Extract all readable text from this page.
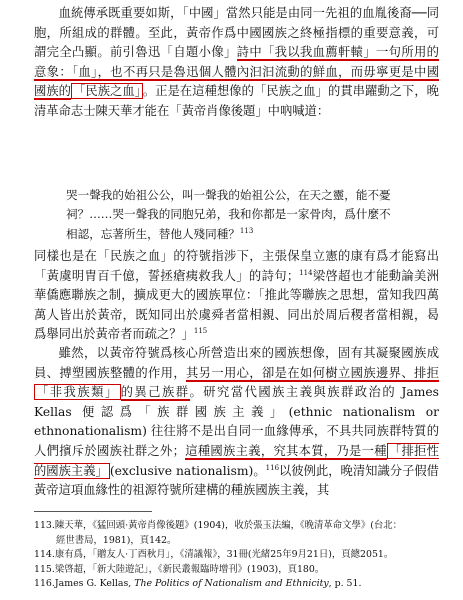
血統傳承既重要如斯，「中國」當然只能是由同一先祖的血胤後裔──同胞，所組成的群體。至此，黃帝作爲中國國族之終極指標的重要意義，可謂完全凸顯。前引魯迅「自題小像」詩中「我以我血薦軒轅」一句所用的意象：「血」，也不再只是魯迅個人體內汩汩流動的鮮血，而毋寧更是中國國族的 「民族之血」 。正是在這種想像的「民族之血」的貫串躍動之下，晚清革命志士陳天華才能在「黃帝肖像後題」中吶喊道：

哭一聲我的始祖公公，叫一聲我的始祖公公，在天之靈，能不憂

祠？……哭一聲我的同胞兄弟，我和你都是一家骨肉，爲什麼不

相認，忘著所生，替他人殘同種？$^{113}$

同樣也是在「民族之血」的符號指涉下，主張保皇立憲的康有爲才能寫出「黃虞明胄百千億，誓拯瘡痍救我人」的詩句；$^{114}$梁啓超也才能動論美洲華僑應聯族之制，擴成更大的國族單位：「推此等聯族之思想，當知我四萬萬人皆出於黃帝，既知同出於虞舜者當相親、同出於周后稷者當相親，曷爲舉同出於黃帝者而疏之？」$^{115}$

雖然，以黃帝符號爲核心所營造出來的國族想像，固有其凝聚國族成員、搏塑國族整體的作用，其另一用心，卻是在如何樹立國族邊界、排拒「非我族類」 的異己族群。研究當代國族主義與族群政治的 James Kellas 便認爲「族群國族主義」(ethnic nationalism or ethnonationalism) 往往將不是出自同一血緣傳承，不具共同族群特質的人們擯斥於國族社群之外；這種國族主義，究其本質，乃是一種 「排拒性的國族主義」 (exclusive nationalism)。$^{116}$以彼例此，晚清知識分子假借黃帝這項血緣性的祖源符號所建構的種族國族主義，其

113.陳天華，《猛回頭·黃帝肖像後題》(1904)，收於張玉法編，《晚清革命文學》(台北：
經世書局，1981)，頁142。

114.康有爲，「贈友人·丁酉秋月」，《清議報》，31冊(光緒25年9月21日)，頁總2051。

115.梁啓超，「新大陸遊記」，《新民叢報臨時增刊》(1903)，頁180。

116.James G. Kellas, The Politics of Nationalism and Ethnicity, p. 51.
